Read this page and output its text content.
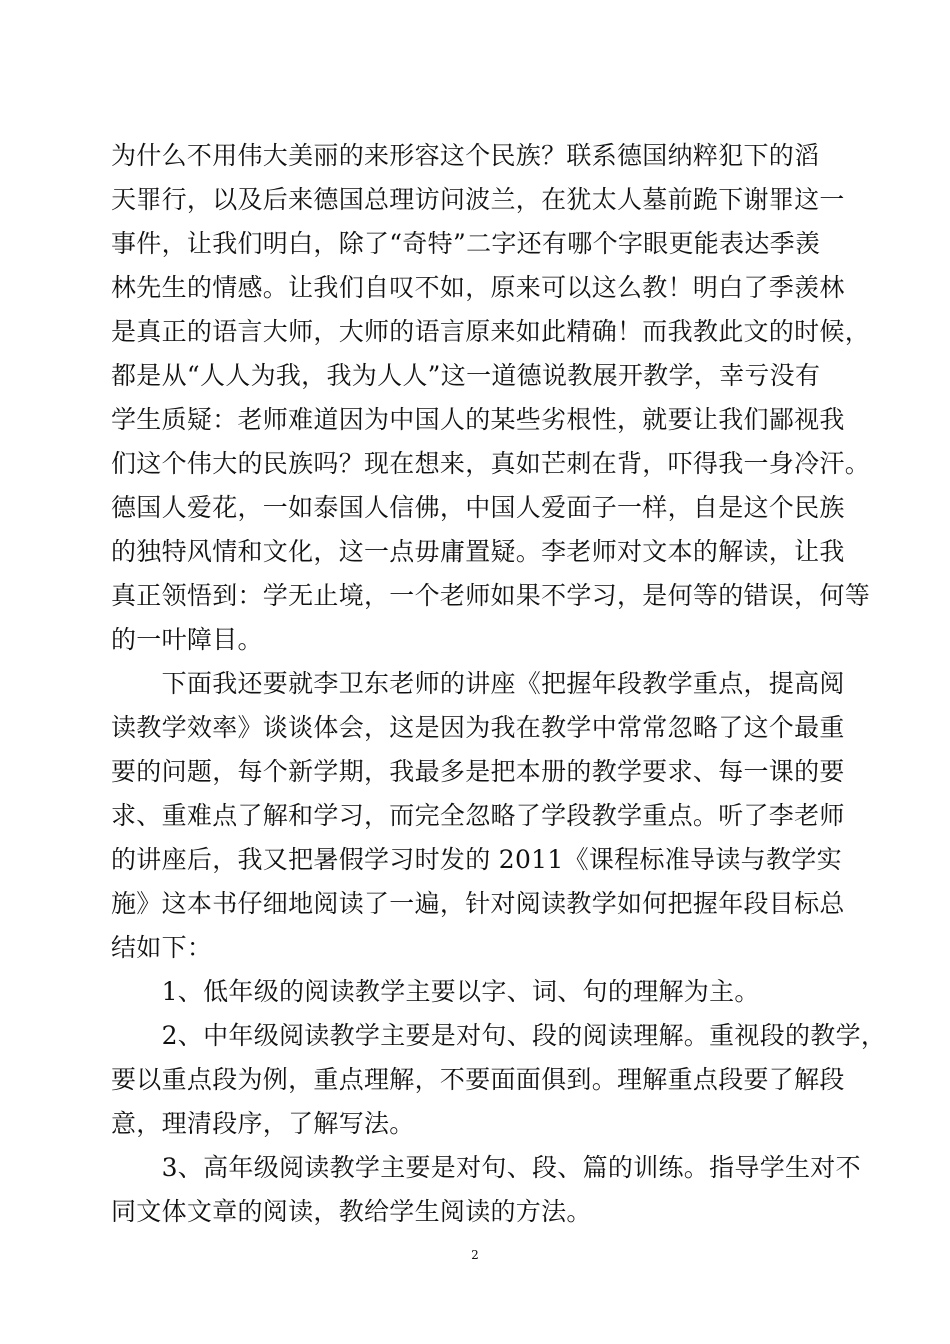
为什么不用伟大美丽的来形容这个民族？联系德国纳粹犯下的滔
天罪行，以及后来德国总理访问波兰，在犹太人墓前跪下谢罪这一
事件，让我们明白，除了“奇特”二字还有哪个字眼更能表达季羡
林先生的情感。让我们自叹不如，原来可以这么教！明白了季羡林
是真正的语言大师，大师的语言原来如此精确！而我教此文的时候，
都是从“人人为我，我为人人”这一道德说教展开教学，幸亏没有
学生质疑：老师难道因为中国人的某些劣根性，就要让我们鄙视我
们这个伟大的民族吗？现在想来，真如芒刺在背，吓得我一身冷汗。
德国人爱花，一如泰国人信佛，中国人爱面子一样，自是这个民族
的独特风情和文化，这一点毋庸置疑。李老师对文本的解读，让我
真正领悟到：学无止境，一个老师如果不学习，是何等的错误，何等
的一叶障目。
　　下面我还要就李卫东老师的讲座《把握年段教学重点，提高阅
读教学效率》谈谈体会，这是因为我在教学中常常忽略了这个最重
要的问题，每个新学期，我最多是把本册的教学要求、每一课的要
求、重难点了解和学习，而完全忽略了学段教学重点。听了李老师
的讲座后，我又把暑假学习时发的 2011《课程标准导读与教学实
施》这本书仔细地阅读了一遍，针对阅读教学如何把握年段目标总
结如下：
　　1、低年级的阅读教学主要以字、词、句的理解为主。
　　2、中年级阅读教学主要是对句、段的阅读理解。重视段的教学，
要以重点段为例，重点理解，不要面面俱到。理解重点段要了解段
意，理清段序，了解写法。
　　3、高年级阅读教学主要是对句、段、篇的训练。指导学生对不
同文体文章的阅读，教给学生阅读的方法。
2
